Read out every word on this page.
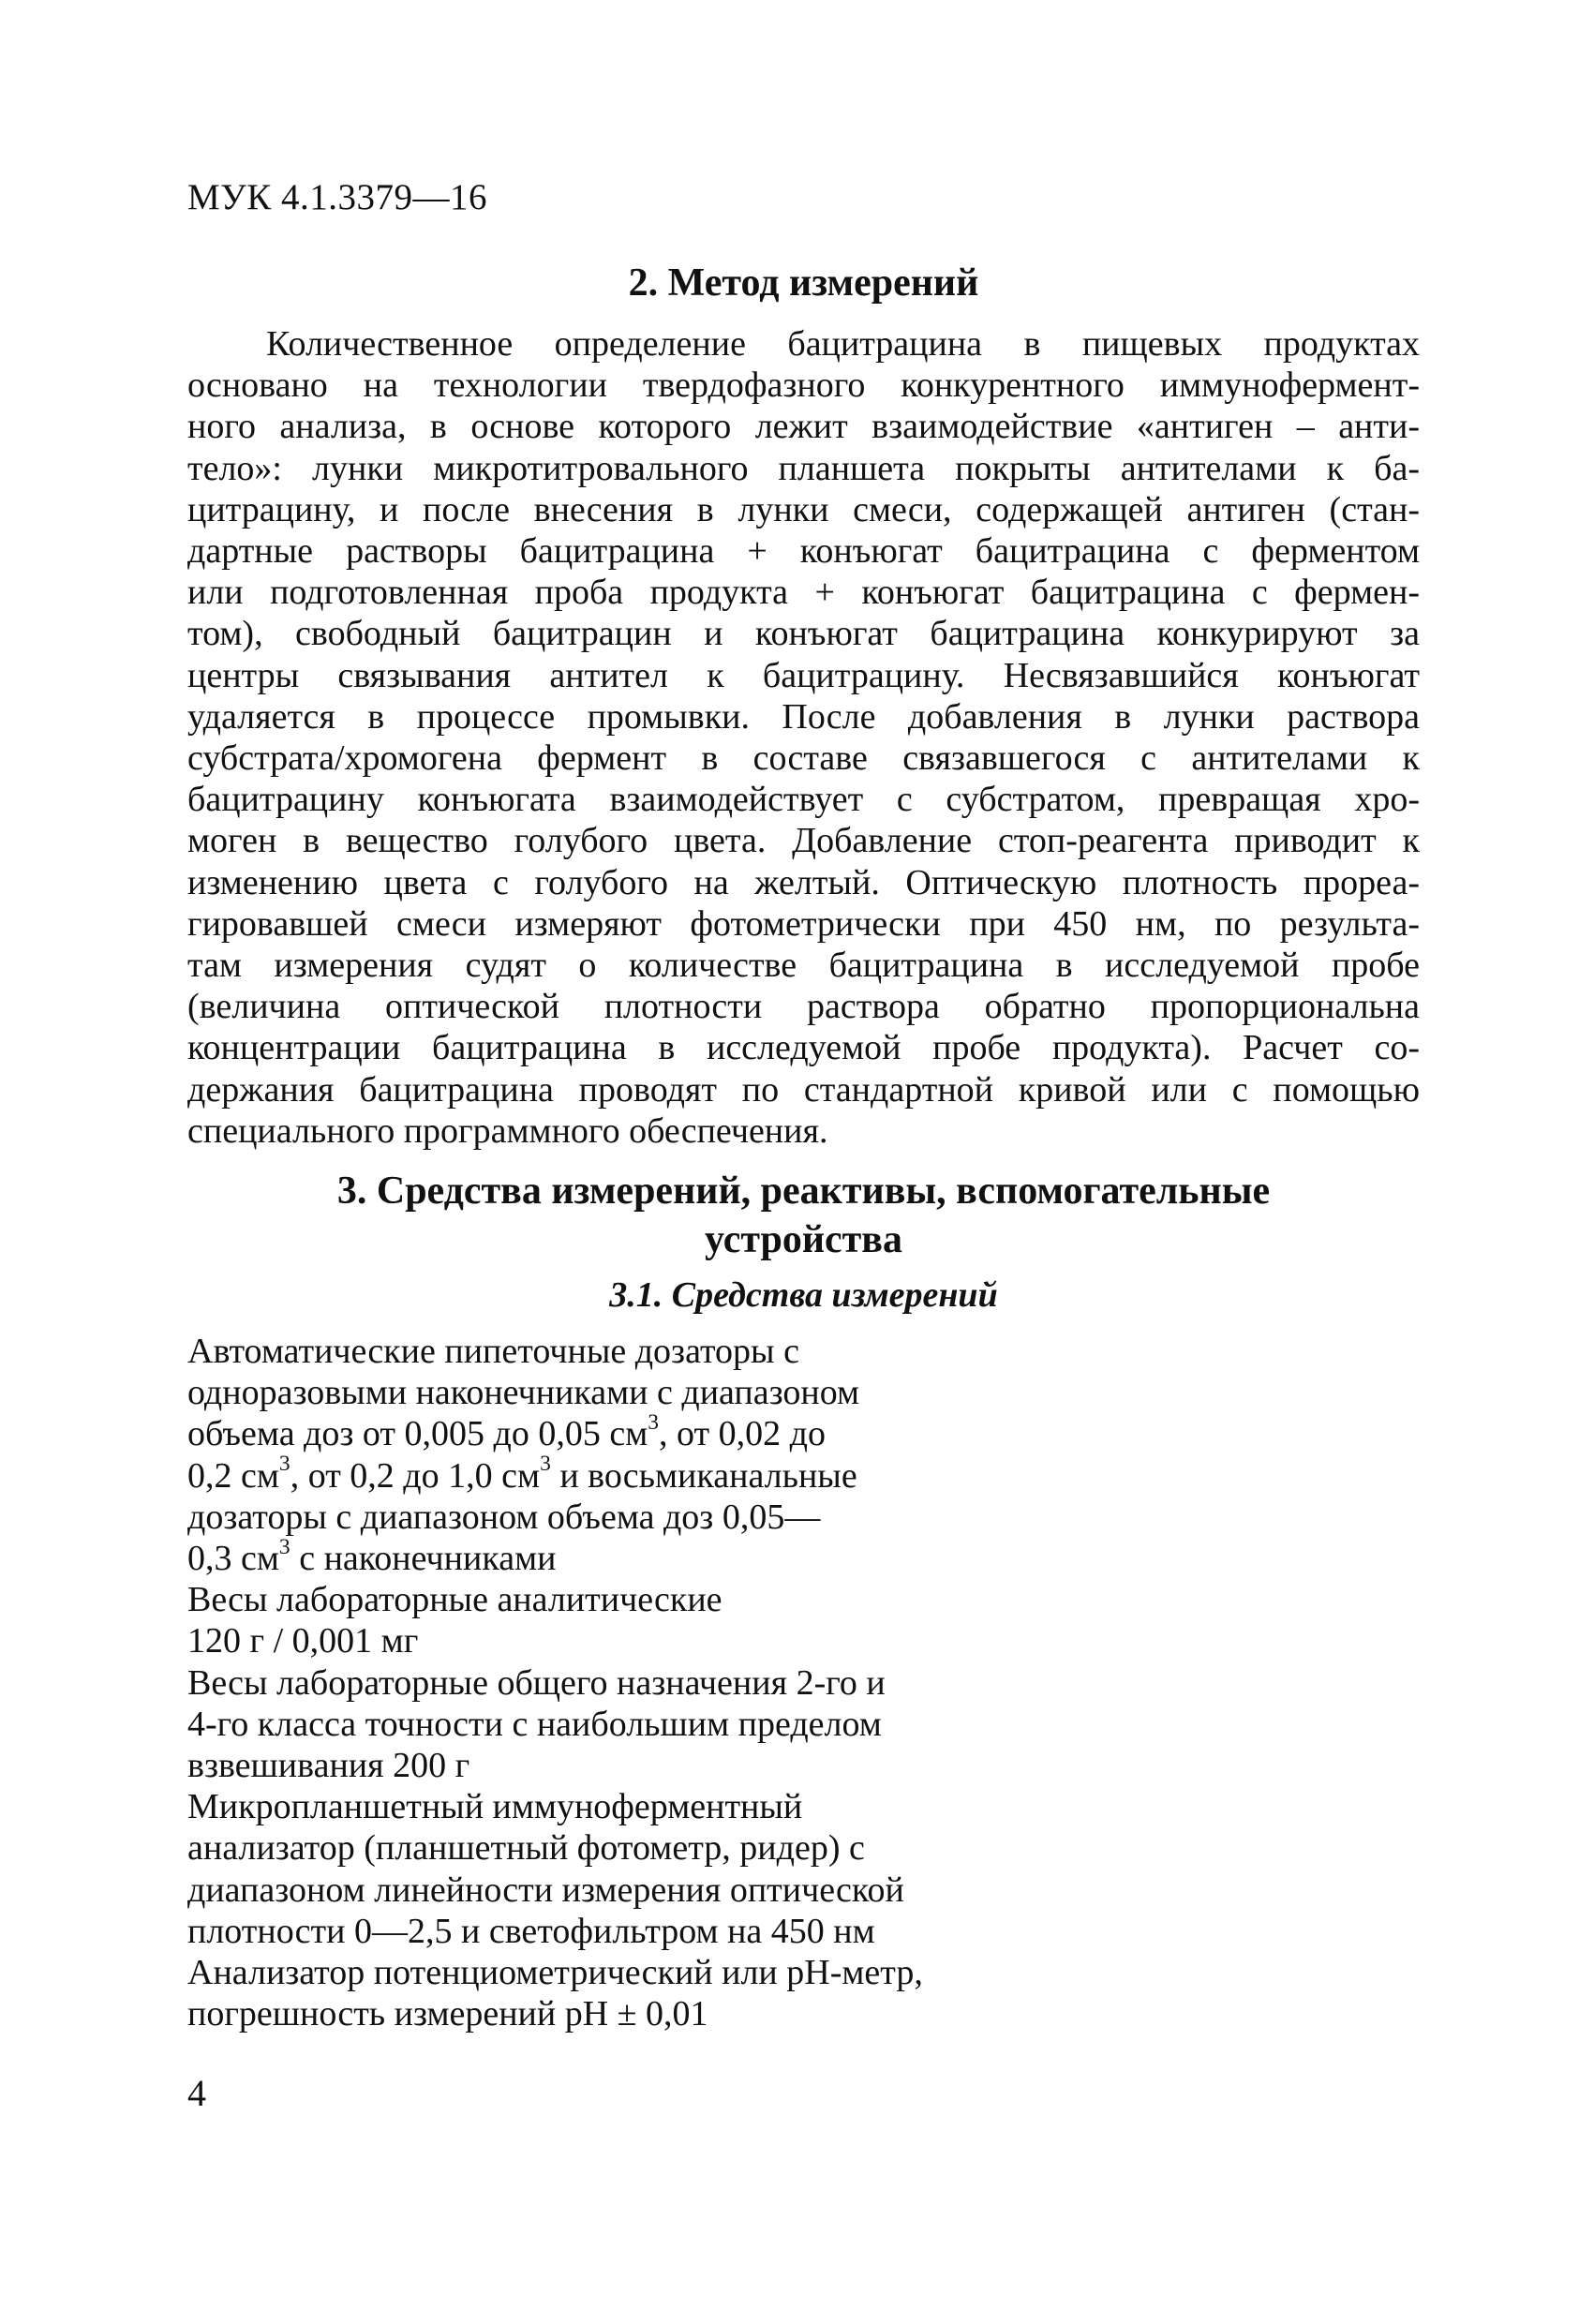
МУК 4.1.3379—16
2. Метод измерений
Количественное определение бацитрацина в пищевых продуктах
основано на технологии твердофазного конкурентного иммунофермент-
ного анализа, в основе которого лежит взаимодействие «антиген – анти-
тело»: лунки микротитровального планшета покрыты антителами к ба-
цитрацину, и после внесения в лунки смеси, содержащей антиген (стан-
дартные растворы бацитрацина + конъюгат бацитрацина с ферментом
или подготовленная проба продукта + конъюгат бацитрацина с фермен-
том), свободный бацитрацин и конъюгат бацитрацина конкурируют за
центры связывания антител к бацитрацину. Несвязавшийся конъюгат
удаляется в процессе промывки. После добавления в лунки раствора
субстрата/хромогена фермент в составе связавшегося с антителами к
бацитрацину конъюгата взаимодействует с субстратом, превращая хро-
моген в вещество голубого цвета. Добавление стоп-реагента приводит к
изменению цвета с голубого на желтый. Оптическую плотность прореа-
гировавшей смеси измеряют фотометрически при 450 нм, по результа-
там измерения судят о количестве бацитрацина в исследуемой пробе
(величина оптической плотности раствора обратно пропорциональна
концентрации бацитрацина в исследуемой пробе продукта). Расчет со-
держания бацитрацина проводят по стандартной кривой или с помощью
специального программного обеспечения.
3. Средства измерений, реактивы, вспомогательные
устройства
3.1. Средства измерений
Автоматические пипеточные дозаторы с
одноразовыми наконечниками с диапазоном
объема доз от 0,005 до 0,05 $см^3$, от 0,02 до
0,2 $см^3$, от 0,2 до 1,0 $см^3$ и восьмиканальные
дозаторы с диапазоном объема доз 0,05—
0,3 $см^3$ с наконечниками
Весы лабораторные аналитические
120 г / 0,001 мг
Весы лабораторные общего назначения 2-го и
4-го класса точности с наибольшим пределом
взвешивания 200 г
Микропланшетный иммуноферментный
анализатор (планшетный фотометр, ридер) с
диапазоном линейности измерения оптической
плотности 0—2,5 и светофильтром на 450 нм
Анализатор потенциометрический или pH-метр,
погрешность измерений pH ± 0,01
4
